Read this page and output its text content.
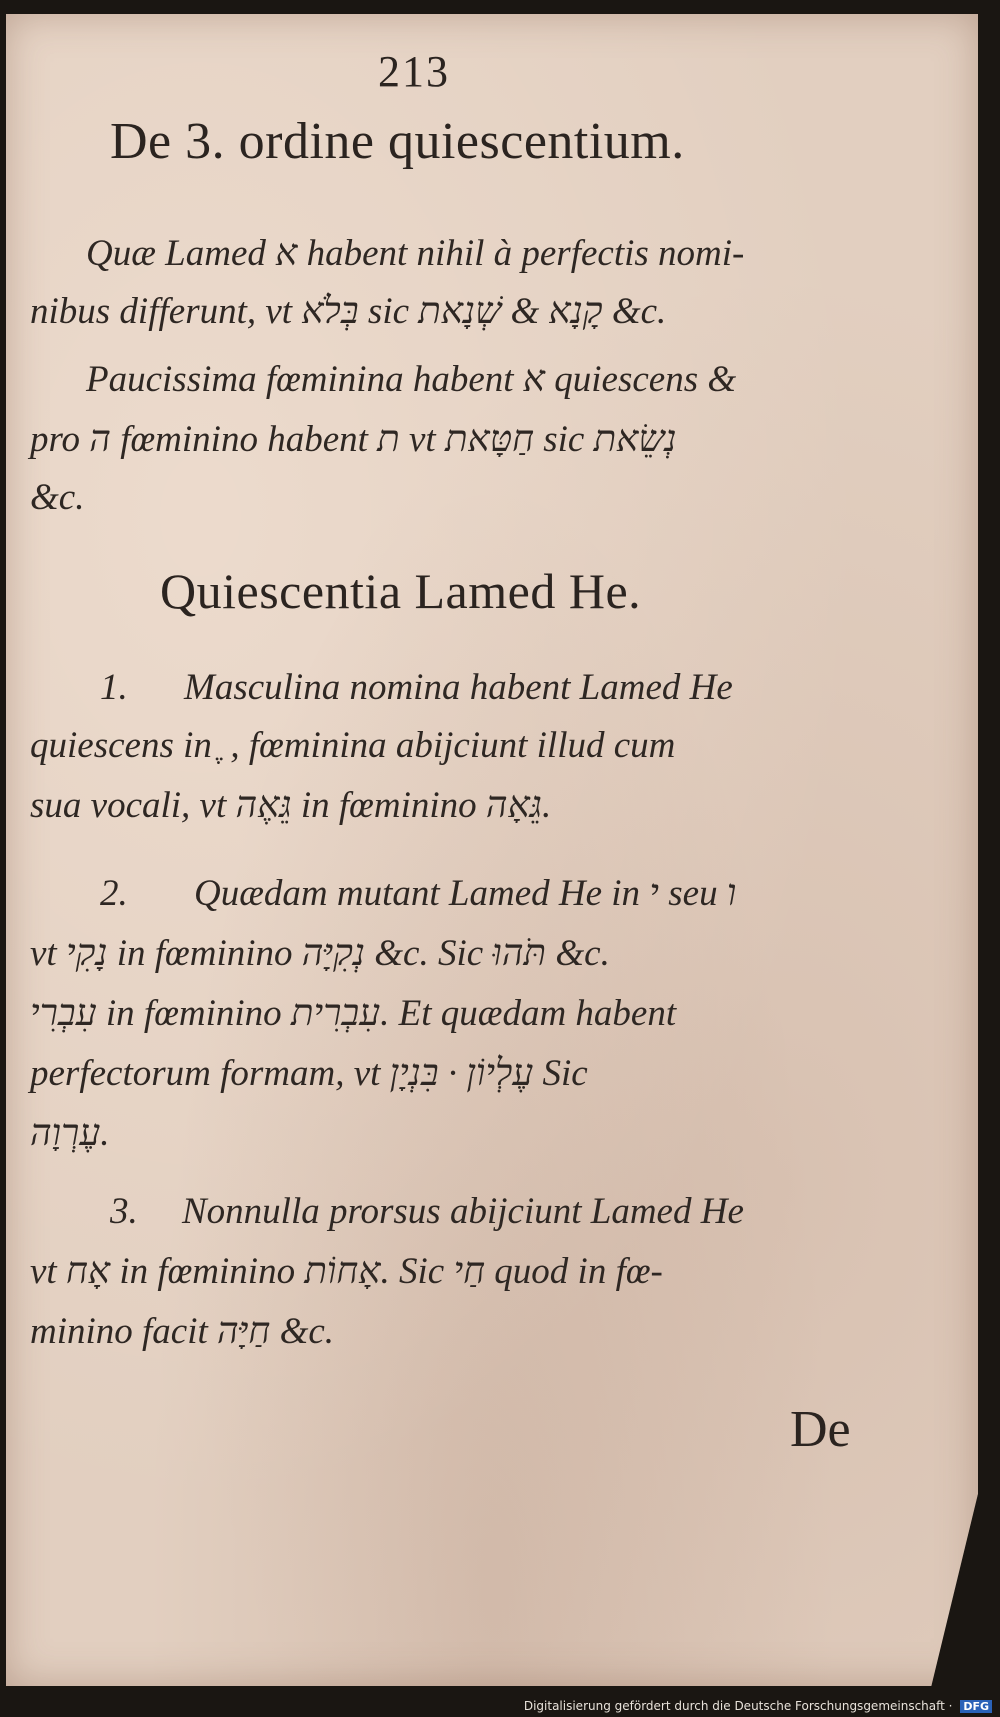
213
De 3. ordine quiescentium.
Quæ Lamed א habent nihil à perfectis nomi-
nibus differunt, vt בְּלֹא sic קָנָא & שְׁנָאת &c.
Paucissima fœminina habent א quiescens &
pro ה fœminino habent ת vt חַטָּאת sic נְשֵׂאת
&c.
Quiescentia Lamed He.
1.	Masculina nomina habent Lamed He
quiescens in ֶ , fœminina abijciunt illud cum
sua vocali, vt גֵּאֶה in fœminino גֵּאָה.
2.	Quædam mutant Lamed He in י seu ו
vt נָקִי in fœminino נְקִיָּה &c. Sic תֹּהוּ &c.
עִבְרִי in fœminino עִבְרִית. Et quædam habent
perfectorum formam, vt עֶלְיוֹן · בִּנְיָן Sic
עֶרְוָה.
3.	Nonnulla prorsus abijciunt Lamed He
vt אָח in fœminino אָחוֹת. Sic חַי quod in fœ-
minino facit חַיָּה &c.
De
Digitalisierung gefördert durch die Deutsche Forschungsgemeinschaft · DFG
